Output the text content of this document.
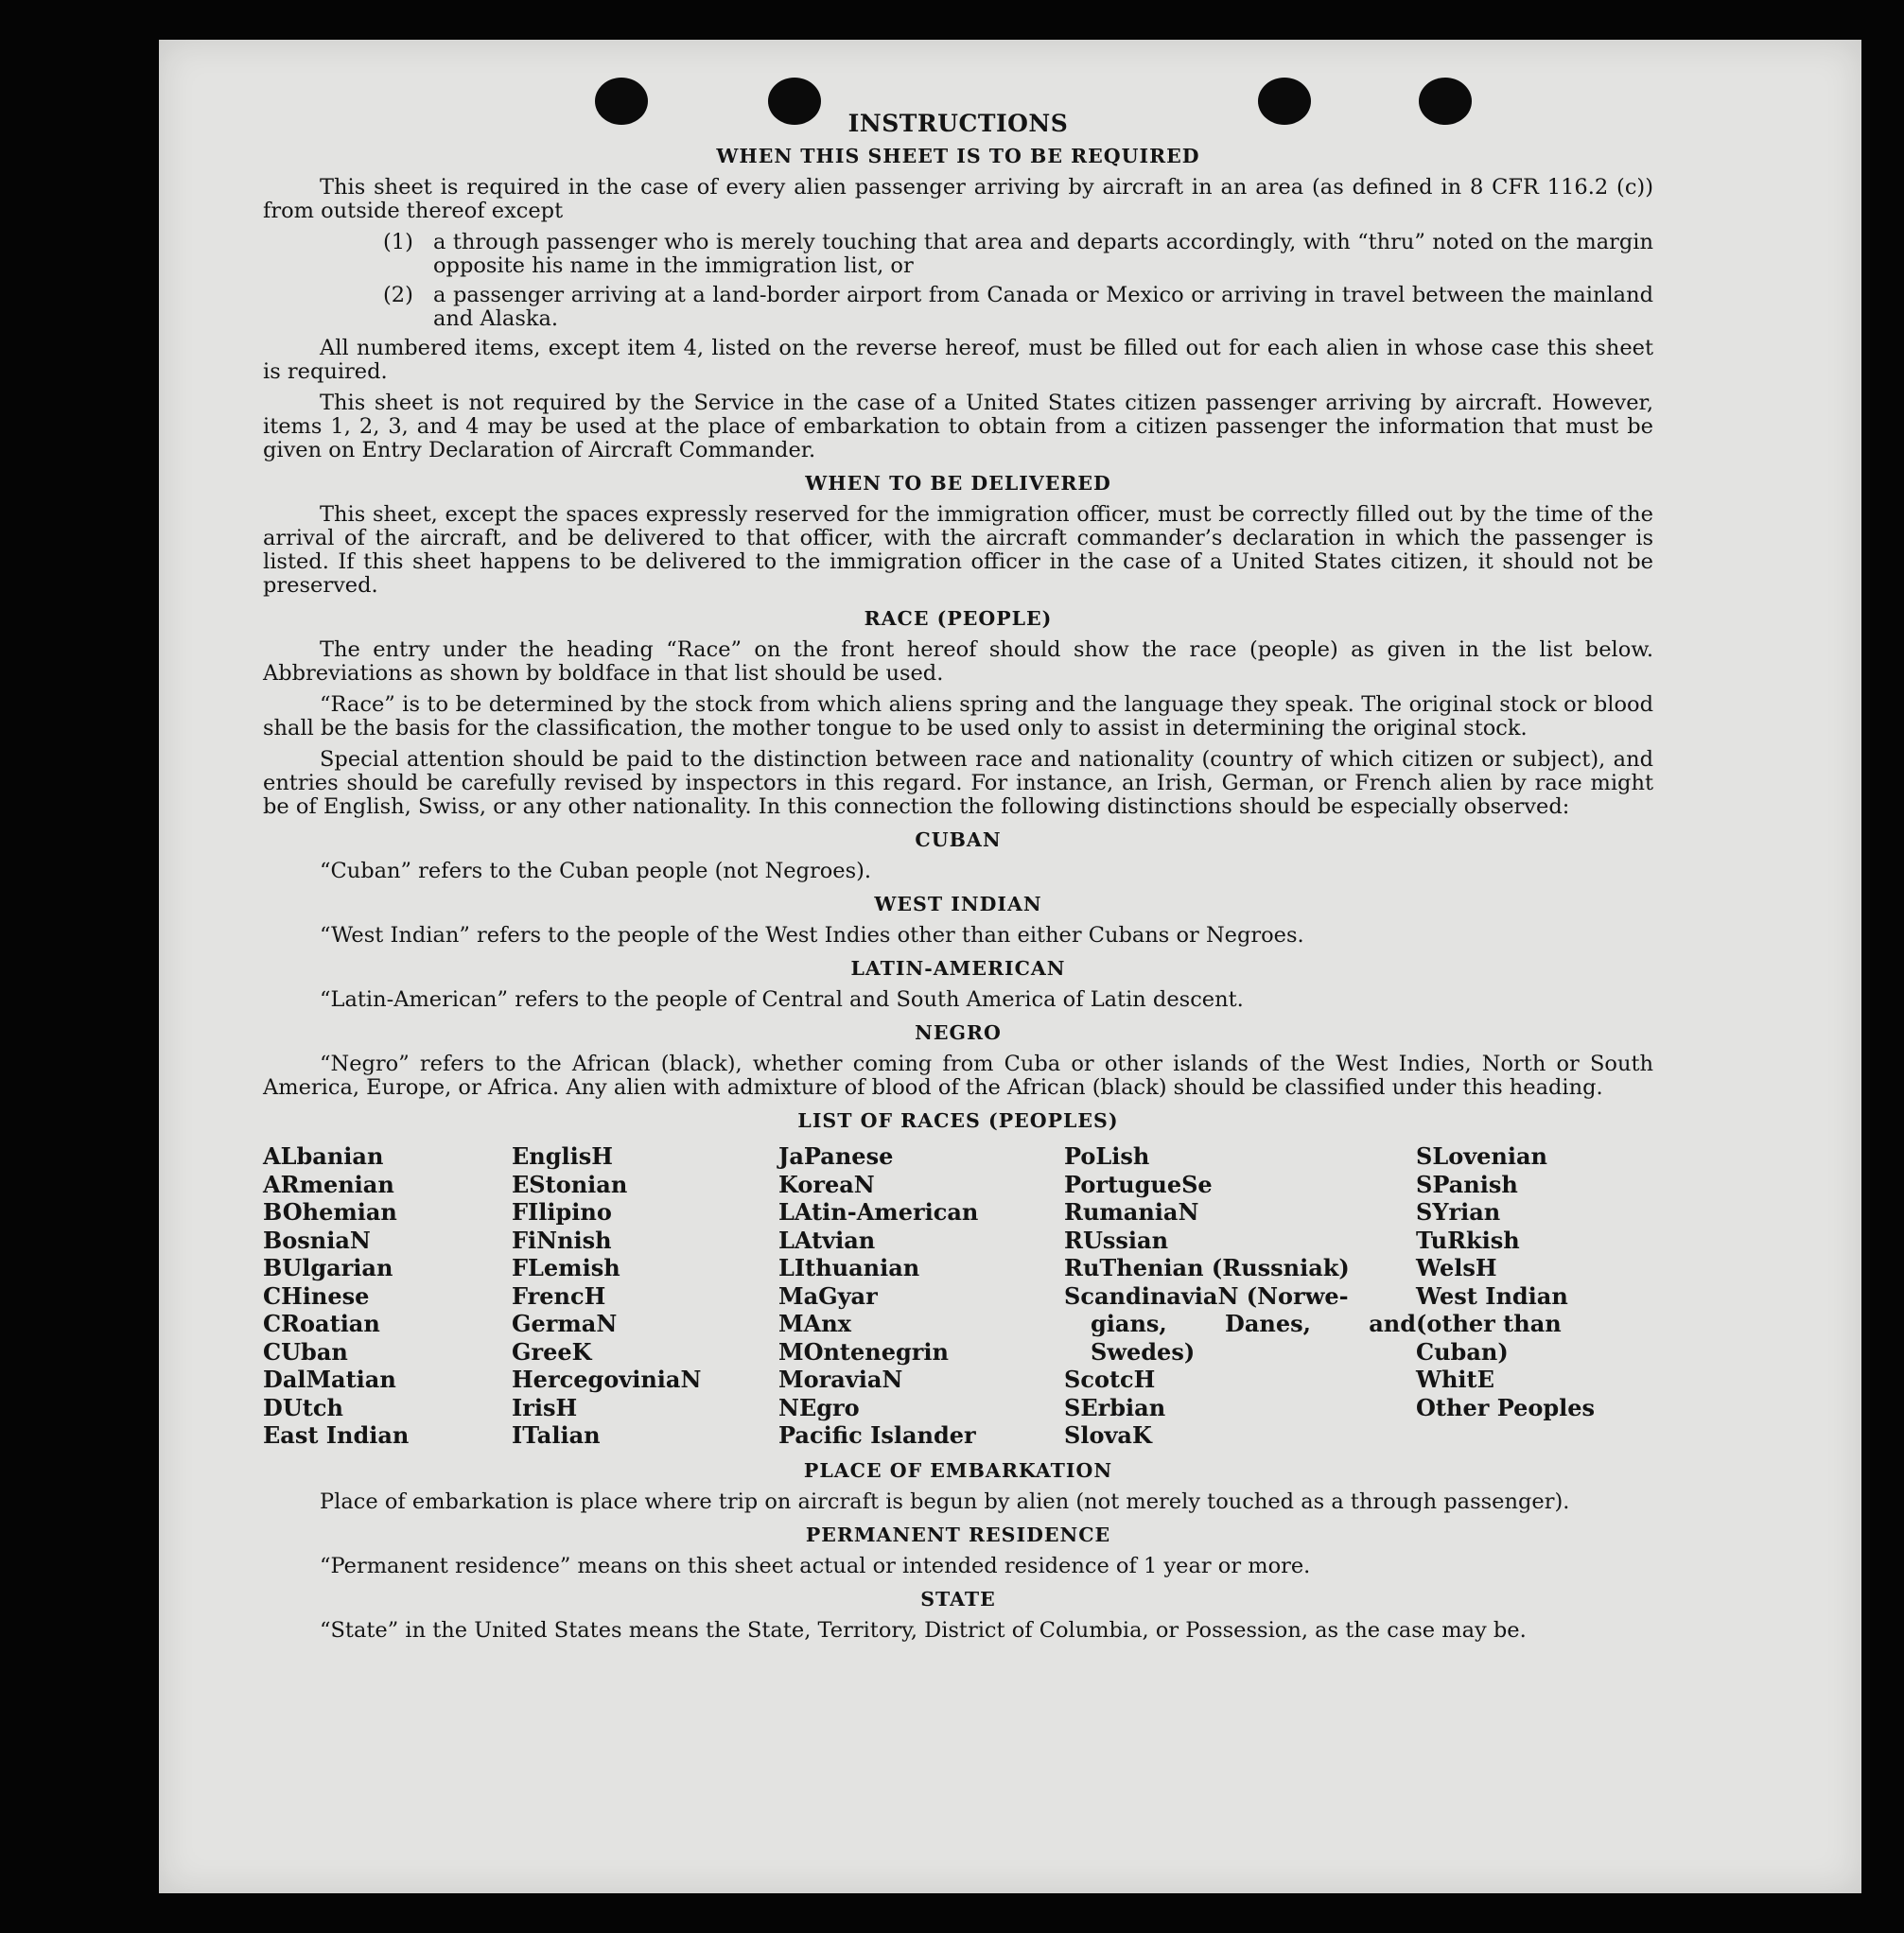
INSTRUCTIONS
WHEN THIS SHEET IS TO BE REQUIRED

This sheet is required in the case of every alien passenger arriving by aircraft in an area (as defined in 8 CFR 116.2 (c)) from outside thereof except

(1) a through passenger who is merely touching that area and departs accordingly, with “thru” noted on the margin opposite his name in the immigration list, or
(2) a passenger arriving at a land-border airport from Canada or Mexico or arriving in travel between the mainland and Alaska.

All numbered items, except item 4, listed on the reverse hereof, must be filled out for each alien in whose case this sheet is required.

This sheet is not required by the Service in the case of a United States citizen passenger arriving by aircraft. However, items 1, 2, 3, and 4 may be used at the place of embarkation to obtain from a citizen passenger the information that must be given on Entry Declaration of Aircraft Commander.

WHEN TO BE DELIVERED

This sheet, except the spaces expressly reserved for the immigration officer, must be correctly filled out by the time of the arrival of the aircraft, and be delivered to that officer, with the aircraft commander’s declaration in which the passenger is listed. If this sheet happens to be delivered to the immigration officer in the case of a United States citizen, it should not be preserved.

RACE (PEOPLE)

The entry under the heading “Race” on the front hereof should show the race (people) as given in the list below. Abbreviations as shown by boldface in that list should be used.

“Race” is to be determined by the stock from which aliens spring and the language they speak. The original stock or blood shall be the basis for the classification, the mother tongue to be used only to assist in determining the original stock.

Special attention should be paid to the distinction between race and nationality (country of which citizen or subject), and entries should be carefully revised by inspectors in this regard. For instance, an Irish, German, or French alien by race might be of English, Swiss, or any other nationality. In this connection the following distinctions should be especially observed:

CUBAN

“Cuban” refers to the Cuban people (not Negroes).

WEST INDIAN

“West Indian” refers to the people of the West Indies other than either Cubans or Negroes.

LATIN-AMERICAN

“Latin-American” refers to the people of Central and South America of Latin descent.

NEGRO

“Negro” refers to the African (black), whether coming from Cuba or other islands of the West Indies, North or South America, Europe, or Africa. Any alien with admixture of blood of the African (black) should be classified under this heading.

LIST OF RACES (PEOPLES)
ALbanian
ARmenian
BOhemian
BosniaN
BUlgarian
CHinese
CRoatian
CUban
DalMatian
DUtch
East Indian
EnglisH
EStonian
FIlipino
FiNnish
FLemish
FrencH
GermaN
GreeK
HercegoviniaN
IrisH
ITalian
JaPanese
KoreaN
LAtin-American
LAtvian
LIthuanian
MaGyar
MAnx
MOntenegrin
MoraviaN
NEgro
Pacific Islander
PoLish
PortugueSe
RumaniaN
RUssian
RuThenian (Russniak)
ScandinaviaN (Norwe-
gians, Danes, and Swedes)
ScotcH
SErbian
SlovaK
SLovenian
SPanish
SYrian
TuRkish
WelsH
West Indian (other than Cuban)
WhitE
Other Peoples
PLACE OF EMBARKATION

Place of embarkation is place where trip on aircraft is begun by alien (not merely touched as a through passenger).

PERMANENT RESIDENCE

“Permanent residence” means on this sheet actual or intended residence of 1 year or more.

STATE

“State” in the United States means the State, Territory, District of Columbia, or Possession, as the case may be.
